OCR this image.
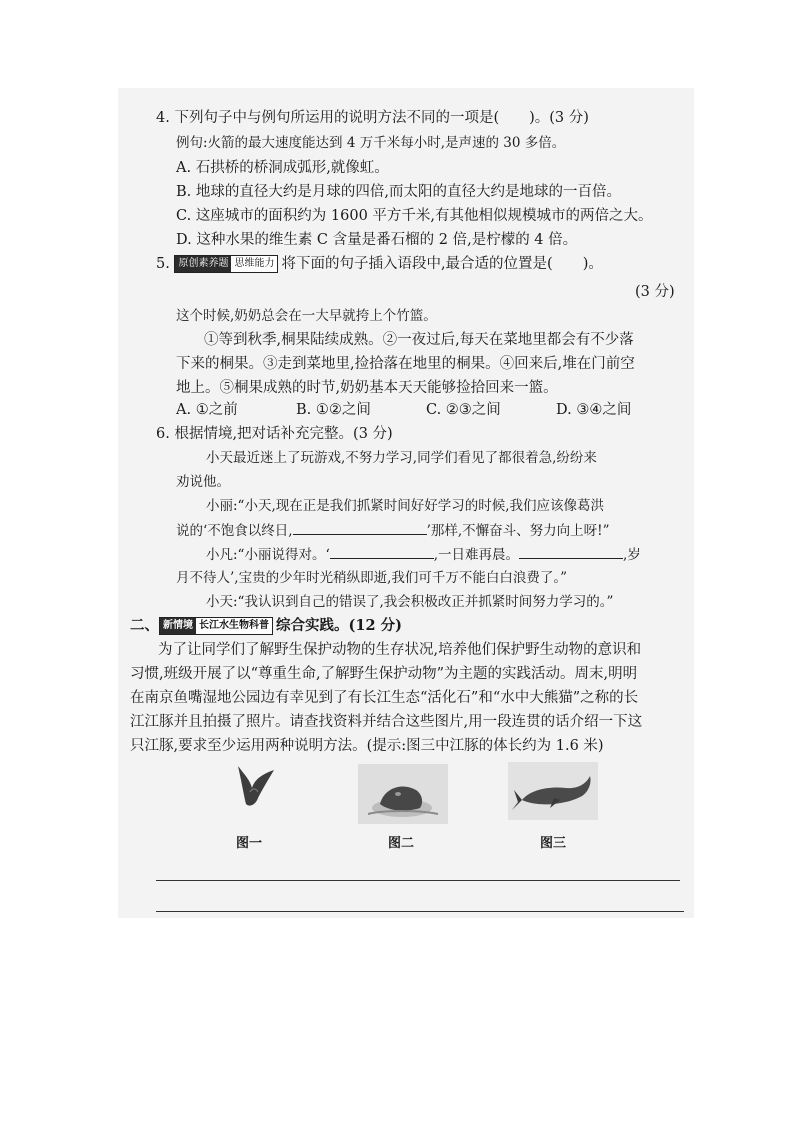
4. 下列句子中与例句所运用的说明方法不同的一项是( )。(3 分)
例句:火箭的最大速度能达到 4 万千米每小时,是声速的 30 多倍。
A. 石拱桥的桥洞成弧形,就像虹。
B. 地球的直径大约是月球的四倍,而太阳的直径大约是地球的一百倍。
C. 这座城市的面积约为 1600 平方千米,有其他相似规模城市的两倍之大。
D. 这种水果的维生素 C 含量是番石榴的 2 倍,是柠檬的 4 倍。
5. 原创素养题 思维能力 将下面的句子插入语段中,最合适的位置是( )。
(3 分)
这个时候,奶奶总会在一大早就挎上个竹篮。
①等到秋季,桐果陆续成熟。②一夜过后,每天在菜地里都会有不少落
下来的桐果。③走到菜地里,捡拾落在地里的桐果。④回来后,堆在门前空
地上。⑤桐果成熟的时节,奶奶基本天天能够捡拾回来一篮。
A. ①之前	B. ①②之间	C. ②③之间	D. ③④之间
6. 根据情境,把对话补充完整。(3 分)
小天最近迷上了玩游戏,不努力学习,同学们看见了都很着急,纷纷来
劝说他。
小丽:“小天,现在正是我们抓紧时间好好学习的时候,我们应该像葛洪
说的‘不饱食以终日,	’那样,不懈奋斗、努力向上呀!”
小凡:“小丽说得对。‘	,一日难再晨。	,岁
月不待人’,宝贵的少年时光稍纵即逝,我们可千万不能白白浪费了。”
小天:“我认识到自己的错误了,我会积极改正并抓紧时间努力学习的。”
二、 新情境 长江水生物科普 综合实践。(12 分)
为了让同学们了解野生保护动物的生存状况,培养他们保护野生动物的意识和
习惯,班级开展了以“尊重生命,了解野生保护动物”为主题的实践活动。周末,明明
在南京鱼嘴湿地公园边有幸见到了有长江生态“活化石”和“水中大熊猫”之称的长
江江豚并且拍摄了照片。请查找资料并结合这些图片,用一段连贯的话介绍一下这
只江豚,要求至少运用两种说明方法。(提示:图三中江豚的体长约为 1.6 米)
图一	图二	图三
